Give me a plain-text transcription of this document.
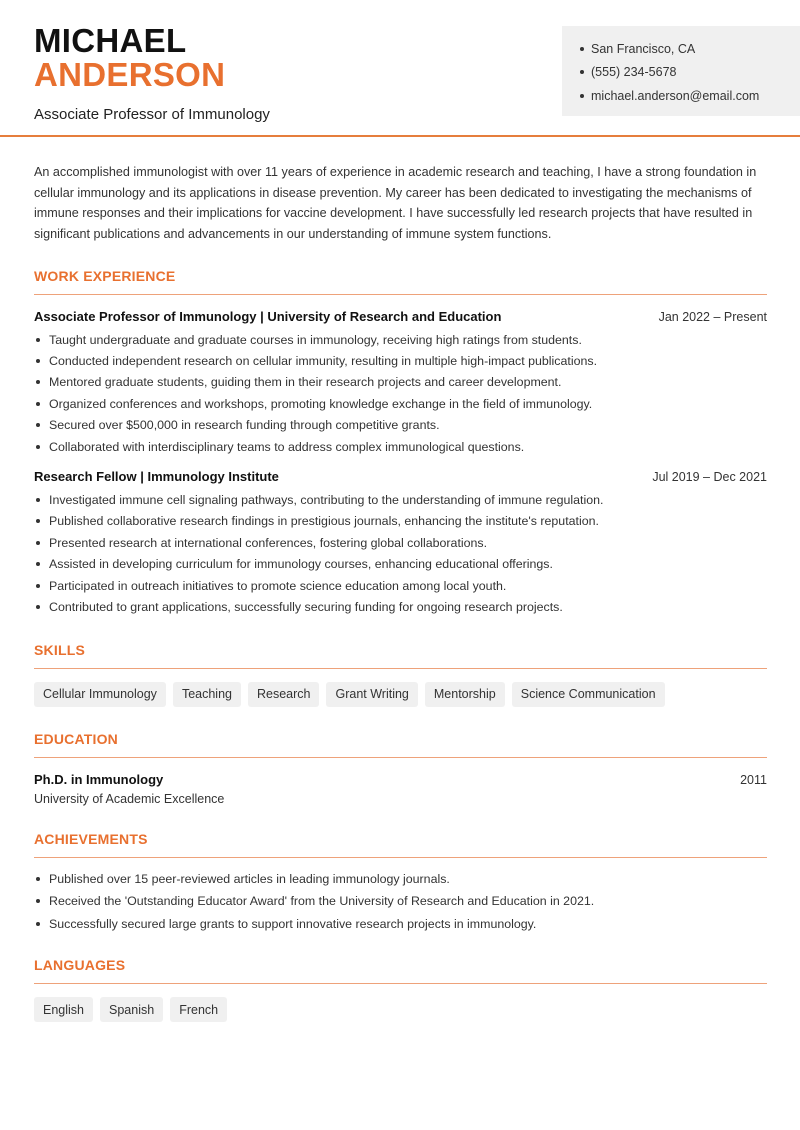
MICHAEL
ANDERSON
Associate Professor of Immunology
San Francisco, CA
(555) 234-5678
michael.anderson@email.com

An accomplished immunologist with over 11 years of experience in academic research and teaching, I have a strong foundation in cellular immunology and its applications in disease prevention. My career has been dedicated to investigating the mechanisms of immune responses and their implications for vaccine development. I have successfully led research projects that have resulted in significant publications and advancements in our understanding of immune system functions.

WORK EXPERIENCE
Associate Professor of Immunology | University of Research and Education	Jan 2022 – Present
Taught undergraduate and graduate courses in immunology, receiving high ratings from students.
Conducted independent research on cellular immunity, resulting in multiple high-impact publications.
Mentored graduate students, guiding them in their research projects and career development.
Organized conferences and workshops, promoting knowledge exchange in the field of immunology.
Secured over $500,000 in research funding through competitive grants.
Collaborated with interdisciplinary teams to address complex immunological questions.
Research Fellow | Immunology Institute	Jul 2019 – Dec 2021
Investigated immune cell signaling pathways, contributing to the understanding of immune regulation.
Published collaborative research findings in prestigious journals, enhancing the institute's reputation.
Presented research at international conferences, fostering global collaborations.
Assisted in developing curriculum for immunology courses, enhancing educational offerings.
Participated in outreach initiatives to promote science education among local youth.
Contributed to grant applications, successfully securing funding for ongoing research projects.
SKILLS
Cellular Immunology	Teaching	Research	Grant Writing	Mentorship	Science Communication
EDUCATION
Ph.D. in Immunology	2011
University of Academic Excellence
ACHIEVEMENTS
Published over 15 peer-reviewed articles in leading immunology journals.
Received the 'Outstanding Educator Award' from the University of Research and Education in 2021.
Successfully secured large grants to support innovative research projects in immunology.
LANGUAGES
English	Spanish	French
